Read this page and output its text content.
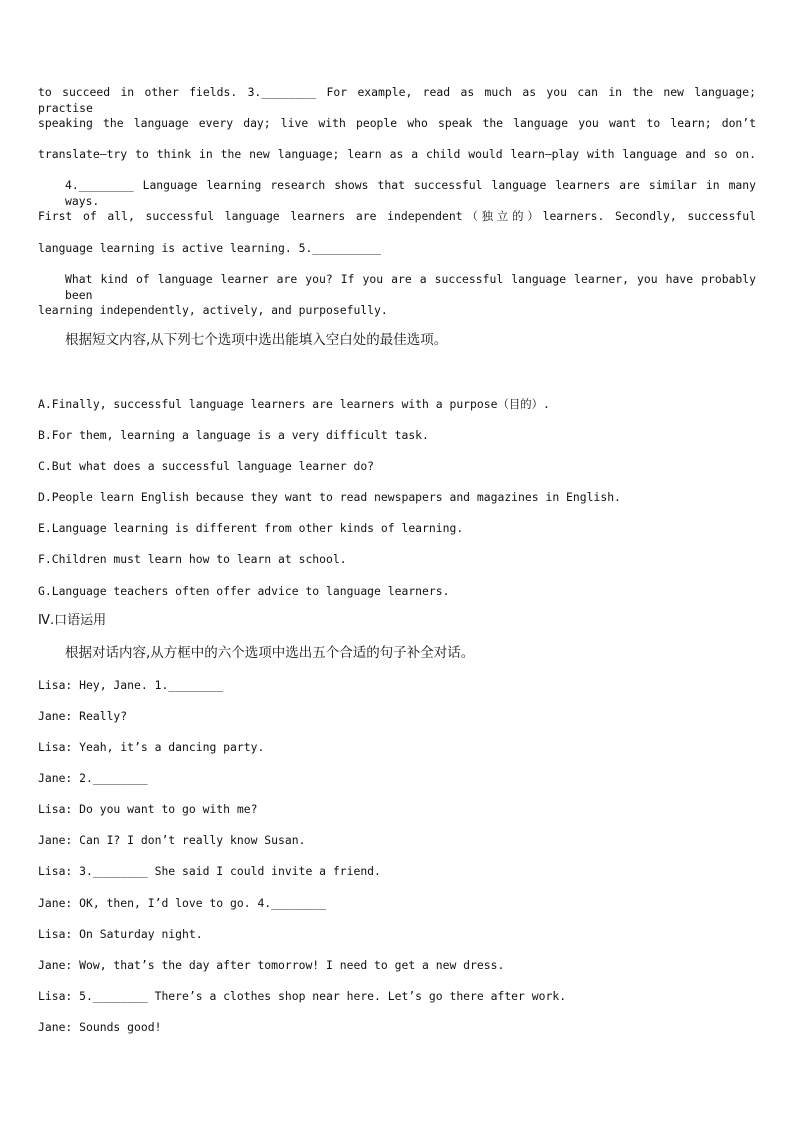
to succeed in other fields. 3.________ For example, read as much as you can in the new language; practise
speaking the language every day; live with people who speak the language you want to learn; don’t
translate—try to think in the new language; learn as a child would learn—play with language and so on.
4.________ Language learning research shows that successful language learners are similar in many ways.
First of all, successful language learners are independent（独立的）learners. Secondly, successful
language learning is active learning. 5.__________
What kind of language learner are you? If you are a successful language learner, you have probably been
learning independently, actively, and purposefully.
根据短文内容,从下列七个选项中选出能填入空白处的最佳选项。
A.Finally, successful language learners are learners with a purpose（目的）.
B.For them, learning a language is a very difficult task.
C.But what does a successful language learner do?
D.People learn English because they want to read newspapers and magazines in English.
E.Language learning is different from other kinds of learning.
F.Children must learn how to learn at school.
G.Language teachers often offer advice to language learners.
Ⅳ.口语运用
根据对话内容,从方框中的六个选项中选出五个合适的句子补全对话。
Lisa: Hey, Jane. 1.________
Jane: Really?
Lisa: Yeah, it’s a dancing party.
Jane: 2.________
Lisa: Do you want to go with me?
Jane: Can I? I don’t really know Susan.
Lisa: 3.________ She said I could invite a friend.
Jane: OK, then, I’d love to go. 4.________
Lisa: On Saturday night.
Jane: Wow, that’s the day after tomorrow! I need to get a new dress.
Lisa: 5.________ There’s a clothes shop near here. Let’s go there after work.
Jane: Sounds good!
